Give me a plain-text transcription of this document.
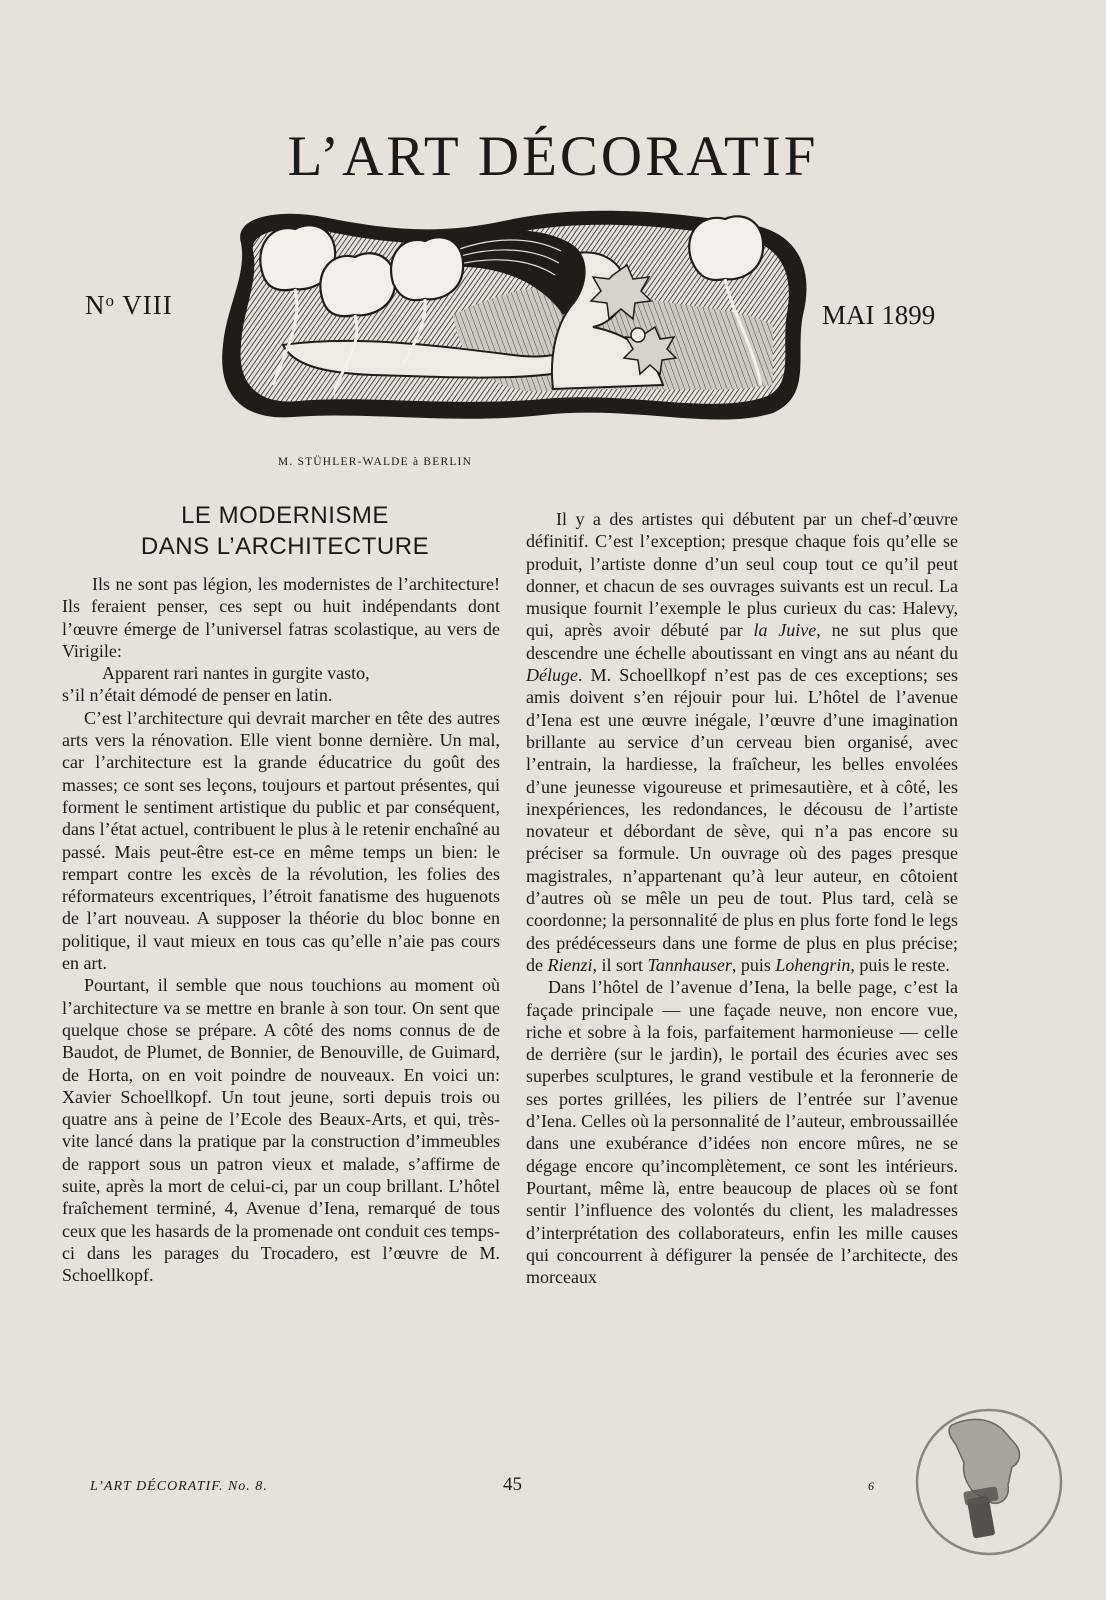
L’ART DÉCORATIF
$N^o$ VIII	MAI 1899
M. STÜHLER-WALDE à BERLIN
LE MODERNISME
DANS L’ARCHITECTURE

Ils ne sont pas légion, les modernistes de l’architecture! Ils feraient penser, ces sept ou huit indépendants dont l’œuvre émerge de l’universel fatras scolastique, au vers de Virigile:

Apparent rari nantes in gurgite vasto,

s’il n’était démodé de penser en latin.

C’est l’architecture qui devrait marcher en tête des autres arts vers la rénovation. Elle vient bonne dernière. Un mal, car l’architecture est la grande éducatrice du goût des masses; ce sont ses leçons, toujours et partout présentes, qui forment le sentiment artistique du public et par conséquent, dans l’état actuel, contribuent le plus à le retenir enchaîné au passé. Mais peut-être est-ce en même temps un bien: le rempart contre les excès de la révolution, les folies des réformateurs excentriques, l’étroit fanatisme des huguenots de l’art nouveau. A supposer la théorie du bloc bonne en politique, il vaut mieux en tous cas qu’elle n’aie pas cours en art.

Pourtant, il semble que nous touchions au moment où l’architecture va se mettre en branle à son tour. On sent que quelque chose se prépare. A côté des noms connus de de Baudot, de Plumet, de Bonnier, de Benouville, de Guimard, de Horta, on en voit poindre de nouveaux. En voici un: Xavier Schoellkopf. Un tout jeune, sorti depuis trois ou quatre ans à peine de l’Ecole des Beaux-Arts, et qui, très-vite lancé dans la pratique par la construction d’immeubles de rapport sous un patron vieux et malade, s’affirme de suite, après la mort de celui-ci, par un coup brillant. L’hôtel fraîchement terminé, 4, Avenue d’Iena, remarqué de tous ceux que les hasards de la promenade ont conduit ces temps-ci dans les parages du Trocadero, est l’œuvre de M. Schoellkopf.

Il y a des artistes qui débutent par un chef-d’œuvre définitif. C’est l’exception; presque chaque fois qu’elle se produit, l’artiste donne d’un seul coup tout ce qu’il peut donner, et chacun de ses ouvrages suivants est un recul. La musique fournit l’exemple le plus curieux du cas: Halevy, qui, après avoir débuté par la Juive, ne sut plus que descendre une échelle aboutissant en vingt ans au néant du Déluge. M. Schoellkopf n’est pas de ces exceptions; ses amis doivent s’en réjouir pour lui. L’hôtel de l’avenue d’Iena est une œuvre inégale, l’œuvre d’une imagination brillante au service d’un cerveau bien organisé, avec l’entrain, la hardiesse, la fraîcheur, les belles envolées d’une jeunesse vigoureuse et primesautière, et à côté, les inexpériences, les redondances, le décousu de l’artiste novateur et débordant de sève, qui n’a pas encore su préciser sa formule. Un ouvrage où des pages presque magistrales, n’appartenant qu’à leur auteur, en côtoient d’autres où se mêle un peu de tout. Plus tard, celà se coordonne; la personnalité de plus en plus forte fond le legs des prédécesseurs dans une forme de plus en plus précise; de Rienzi, il sort Tannhauser, puis Lohengrin, puis le reste.

Dans l’hôtel de l’avenue d’Iena, la belle page, c’est la façade principale — une façade neuve, non encore vue, riche et sobre à la fois, parfaitement harmonieuse — celle de derrière (sur le jardin), le portail des écuries avec ses superbes sculptures, le grand vestibule et la feronnerie de ses portes grillées, les piliers de l’entrée sur l’avenue d’Iena. Celles où la personnalité de l’auteur, embroussaillée dans une exubérance d’idées non encore mûres, ne se dégage encore qu’incomplètement, ce sont les intérieurs. Pourtant, même là, entre beaucoup de places où se font sentir l’influence des volontés du client, les maladresses d’interprétation des collaborateurs, enfin les mille causes qui concourrent à défigurer la pensée de l’architecte, des morceaux

L’ART DÉCORATIF. No. 8.	45	6
